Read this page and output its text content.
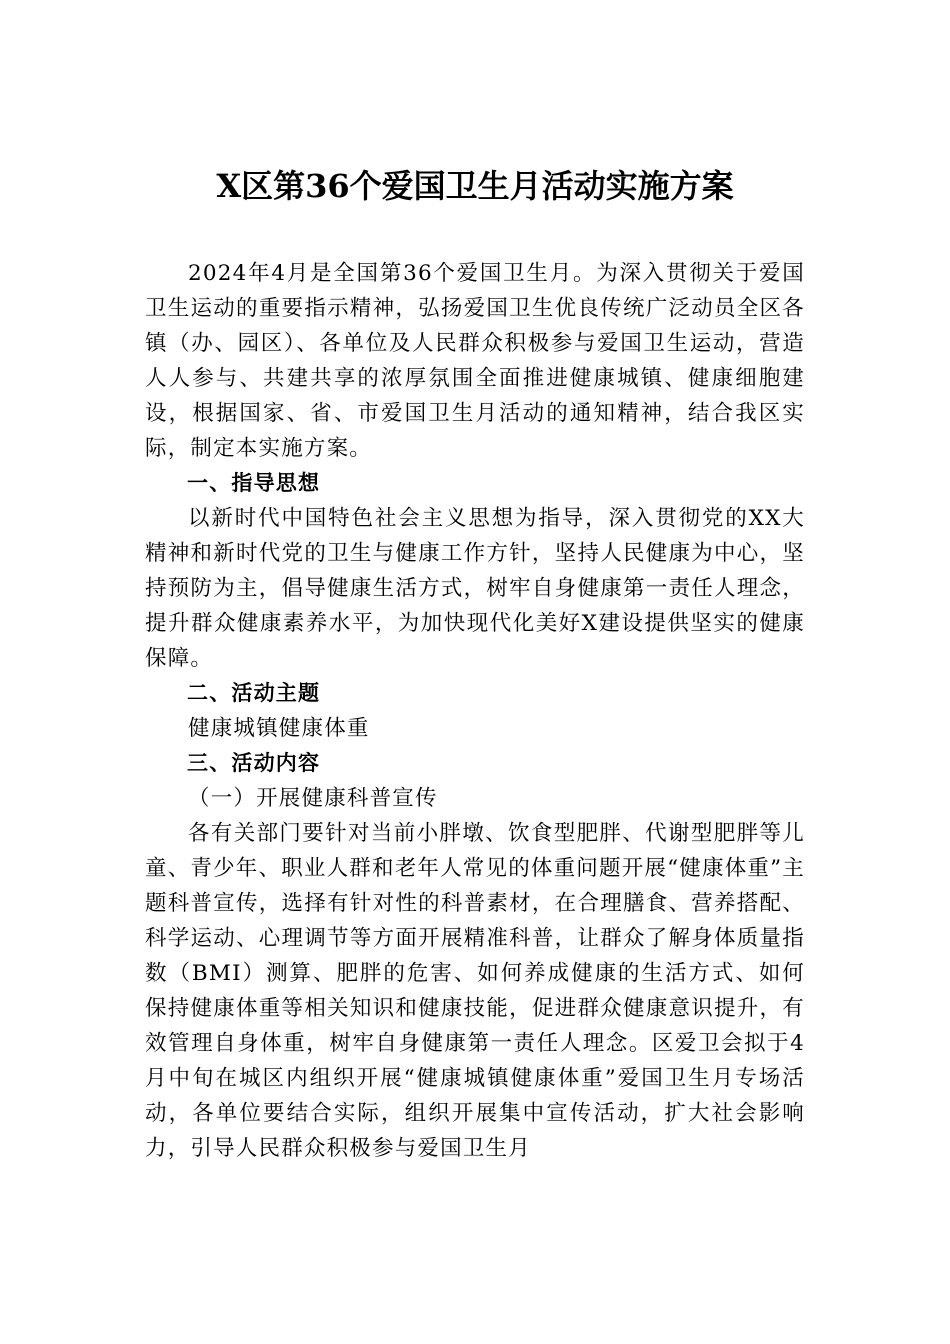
X区第36个爱国卫生月活动实施方案

2024年4月是全国第36个爱国卫生月。为深入贯彻关于爱国卫生运动的重要指示精神，弘扬爱国卫生优良传统广泛动员全区各镇（办、园区）、各单位及人民群众积极参与爱国卫生运动，营造人人参与、共建共享的浓厚氛围全面推进健康城镇、健康细胞建设，根据国家、省、市爱国卫生月活动的通知精神，结合我区实际，制定本实施方案。

一、指导思想

以新时代中国特色社会主义思想为指导，深入贯彻党的XX大精神和新时代党的卫生与健康工作方针，坚持人民健康为中心，坚持预防为主，倡导健康生活方式，树牢自身健康第一责任人理念，提升群众健康素养水平，为加快现代化美好X建设提供坚实的健康保障。

二、活动主题

健康城镇健康体重

三、活动内容

（一）开展健康科普宣传

各有关部门要针对当前小胖墩、饮食型肥胖、代谢型肥胖等儿童、青少年、职业人群和老年人常见的体重问题开展“健康体重”主题科普宣传，选择有针对性的科普素材，在合理膳食、营养搭配、科学运动、心理调节等方面开展精准科普，让群众了解身体质量指数（BMI）测算、肥胖的危害、如何养成健康的生活方式、如何保持健康体重等相关知识和健康技能，促进群众健康意识提升，有效管理自身体重，树牢自身健康第一责任人理念。区爱卫会拟于4月中旬在城区内组织开展“健康城镇健康体重”爱国卫生月专场活动，各单位要结合实际，组织开展集中宣传活动，扩大社会影响力，引导人民群众积极参与爱国卫生月
